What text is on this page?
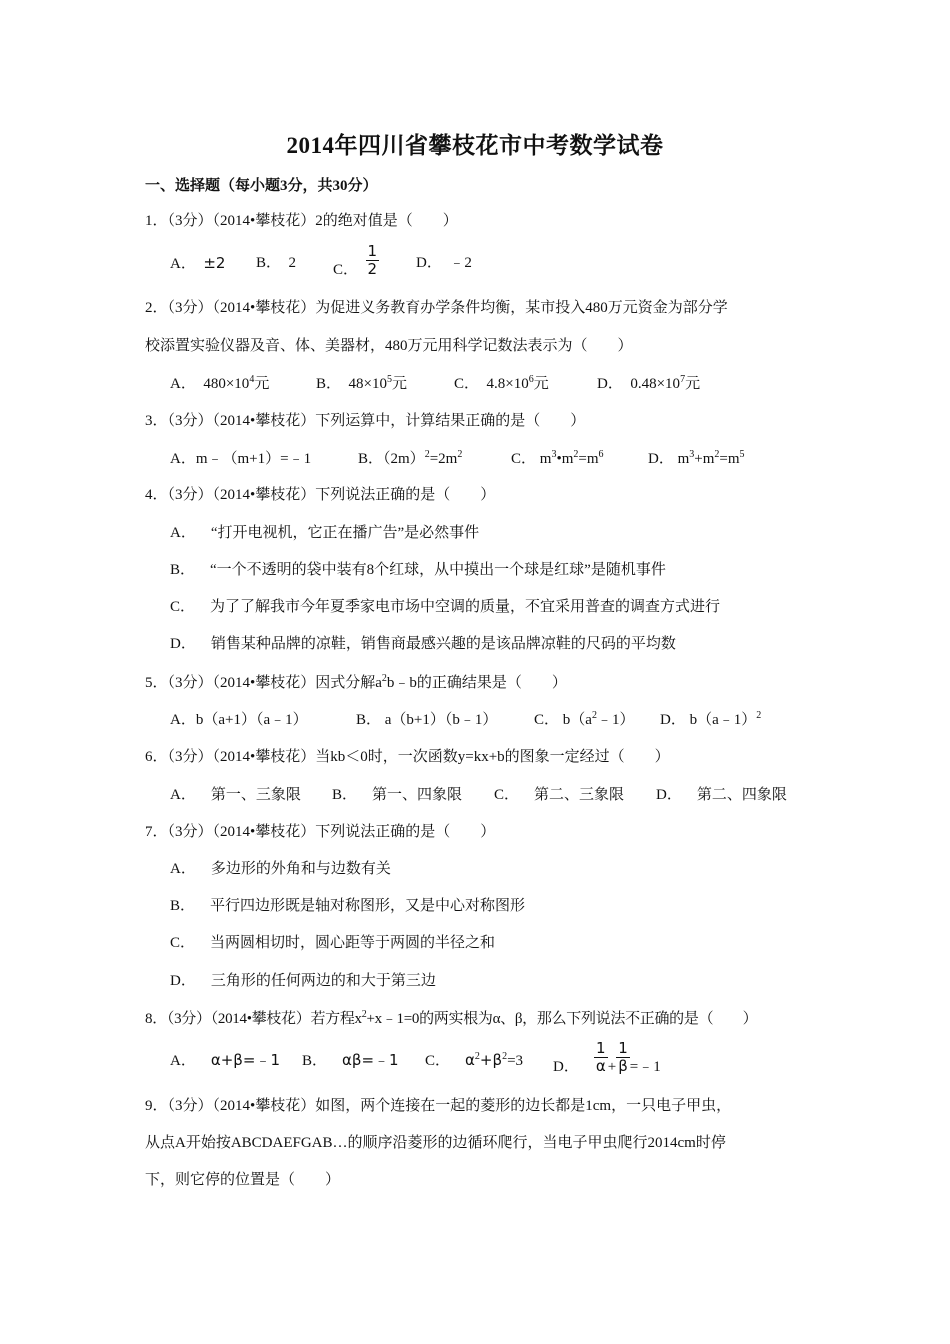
2014年四川省攀枝花市中考数学试卷
一、选择题（每小题3分，共30分）
1．（3分）（2014•攀枝花）2的绝对值是（　　）
A． ±2 B． 2 C． $\frac{1}{2}$ D． ﹣2
2．（3分）（2014•攀枝花）为促进义务教育办学条件均衡，某市投入480万元资金为部分学
校添置实验仪器及音、体、美器材，480万元用科学记数法表示为（　　）
A． $480\times 10^4$元	B． $48\times 10^5$元	C． $4.8\times 10^6$元	D． $0.48\times 10^7$元
3．（3分）（2014•攀枝花）下列运算中，计算结果正确的是（　　）
A．m﹣（m+1）=﹣1	B．$(2m)^2=2m^2$	C． $m^3•m^2=m^6$	D． $m^3+m^2=m^5$
4．（3分）（2014•攀枝花）下列说法正确的是（　　）
A． “打开电视机，它正在播广告”是必然事件
B． “一个不透明的袋中装有8个红球，从中摸出一个球是红球”是随机事件
C． 为了了解我市今年夏季家电市场中空调的质量，不宜采用普查的调查方式进行
D． 销售某种品牌的凉鞋，销售商最感兴趣的是该品牌凉鞋的尺码的平均数
5．（3分）（2014•攀枝花）因式分解$a^2b﹣b$的正确结果是（　　）
A．b（a+1）（a﹣1）	B． a（b+1）（b﹣1） C． $b(a^2﹣1)$ D． b（a﹣1）$^2$
6．（3分）（2014•攀枝花）当kb＜0时，一次函数y=kx+b的图象一定经过（　　）
A． 第一、三象限 B． 第一、四象限 C． 第二、三象限 D． 第二、四象限
7．（3分）（2014•攀枝花）下列说法正确的是（　　）
A． 多边形的外角和与边数有关
B． 平行四边形既是轴对称图形，又是中心对称图形
C． 当两圆相切时，圆心距等于两圆的半径之和
D． 三角形的任何两边的和大于第三边
8．（3分）（2014•攀枝花）若方程$x^2+x﹣1=0$的两实根为α、β，那么下列说法不正确的是（　　）
A． α+β=﹣1 B． αβ=﹣1 C． $\alpha^2+\beta^2=3$ D． $\frac{1}{\alpha} + \frac{1}{\beta}$ =﹣1
9．（3分）（2014•攀枝花）如图，两个连接在一起的菱形的边长都是1cm，一只电子甲虫，
从点A开始按ABCDAEFGAB…的顺序沿菱形的边循环爬行，当电子甲虫爬行2014cm时停
下，则它停的位置是（　　）
